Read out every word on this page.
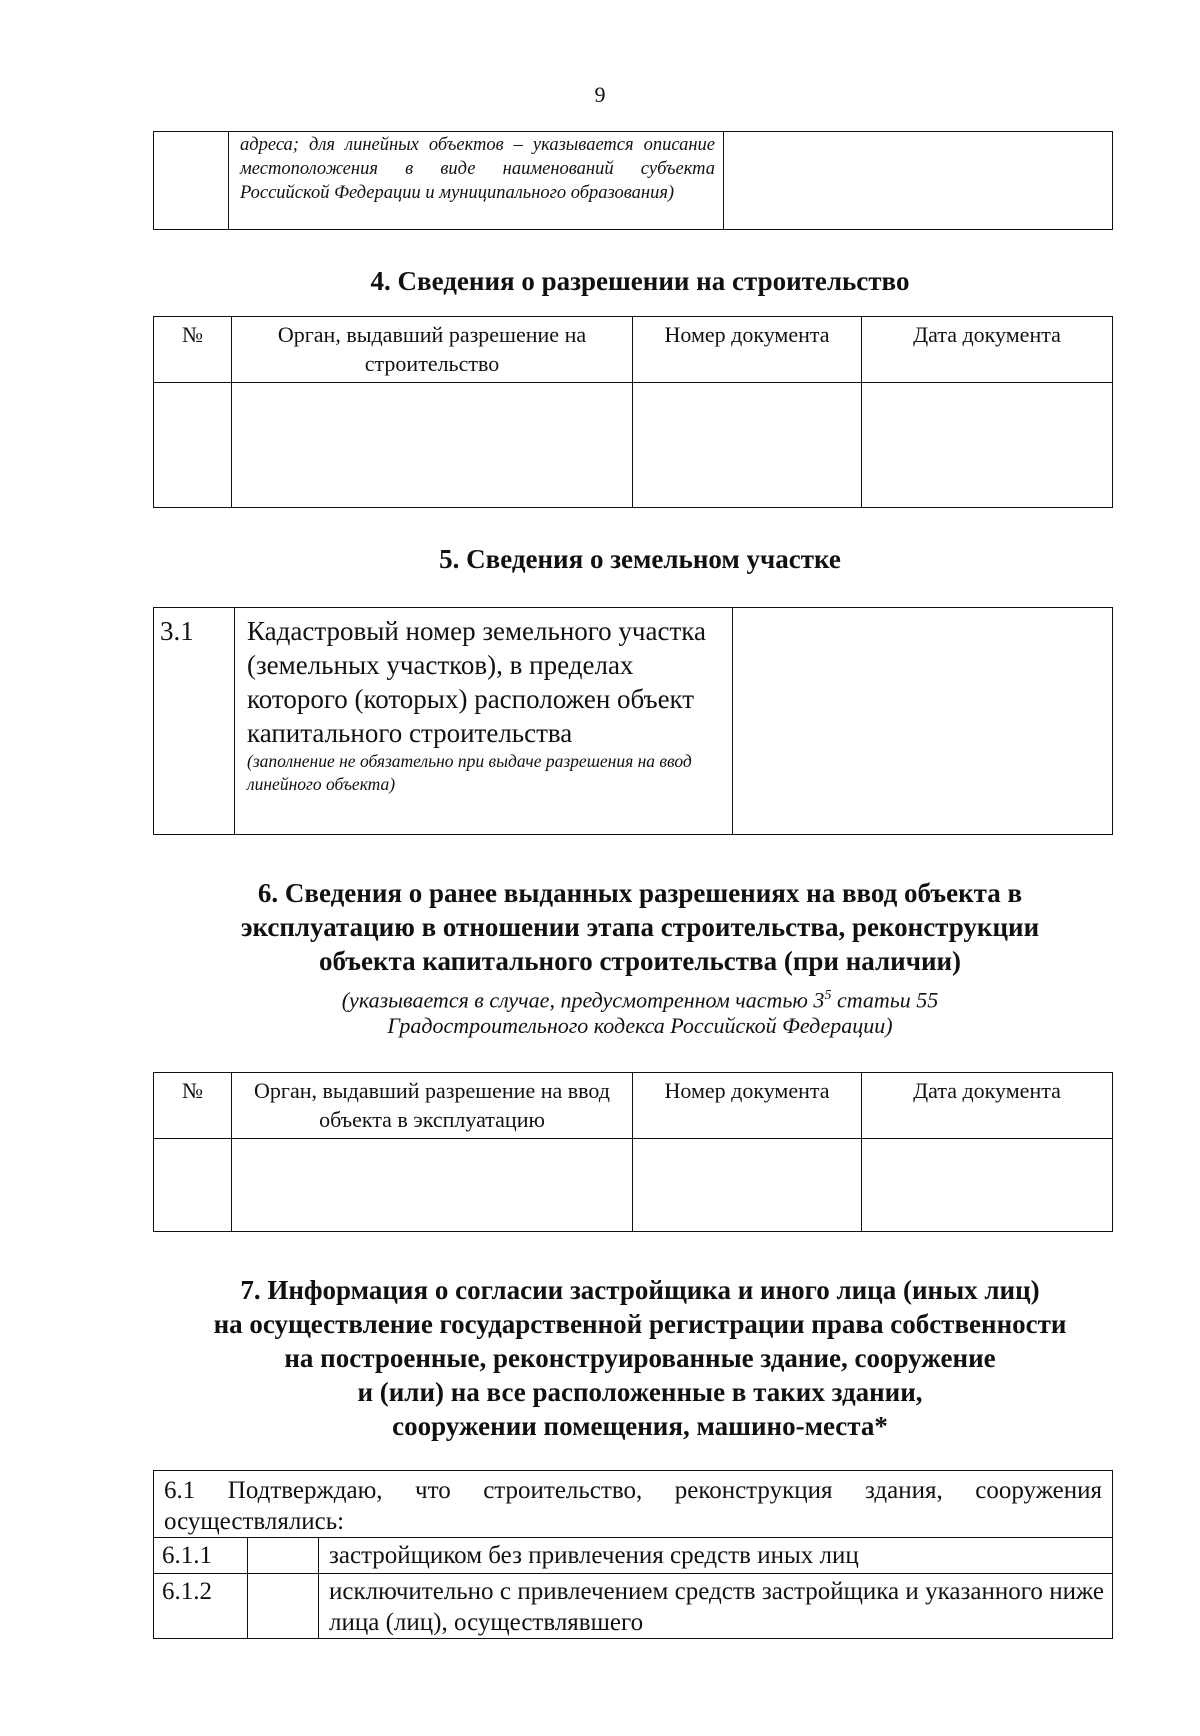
9
	адреса; для линейных объектов – указывается описание местоположения в виде наименований субъекта Российской Федерации и муниципального образования)	
4. Сведения о разрешении на строительство
№	Орган, выдавший разрешение на строительство	Номер документа	Дата документа

5. Сведения о земельном участке
3.1	Кадастровый номер земельного участка (земельных участков), в пределах которого (которых) расположен объект капитального строительства
(заполнение не обязательно при выдаче разрешения на ввод линейного объекта)

6. Сведения о ранее выданных разрешениях на ввод объекта в
эксплуатацию в отношении этапа строительства, реконструкции
объекта капитального строительства (при наличии)
(указывается в случае, предусмотренном частью $3^5$ статьи 55
Градостроительного кодекса Российской Федерации)
№	Орган, выдавший разрешение на ввод объекта в эксплуатацию	Номер документа	Дата документа

7. Информация о согласии застройщика и иного лица (иных лиц)
на осуществление государственной регистрации права собственности
на построенные, реконструированные здание, сооружение
и (или) на все расположенные в таких здании,
сооружении помещения, машино-места*
6.1 Подтверждаю, что строительство, реконструкция здания, сооружения осуществлялись:		
6.1.1		застройщиком без привлечения средств иных лиц
6.1.2		исключительно с привлечением средств застройщика и указанного ниже лица (лиц), осуществлявшего
